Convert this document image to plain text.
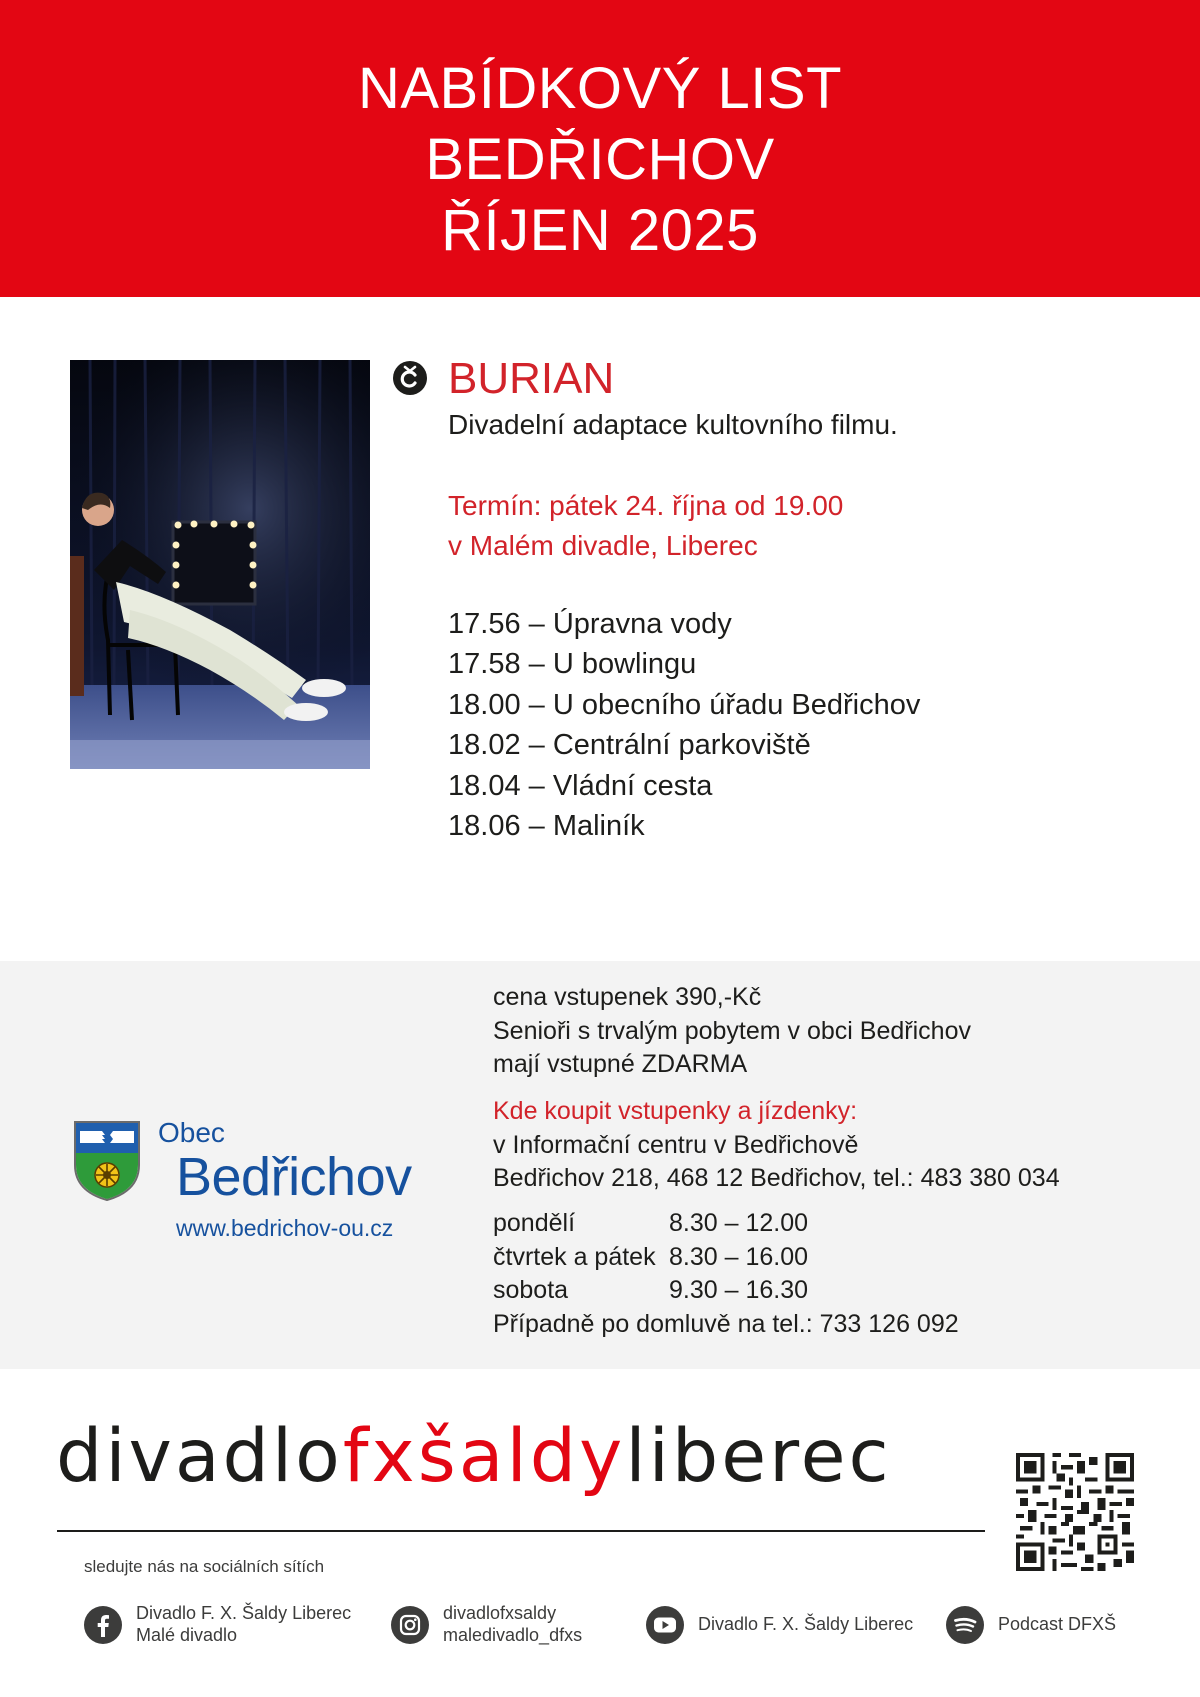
NABÍDKOVÝ LIST
BEDŘICHOV
ŘÍJEN 2025
BURIAN
Divadelní adaptace kultovního filmu.
Termín: pátek 24. října od 19.00
v Malém divadle, Liberec
17.56 – Úpravna vody
17.58 – U bowlingu
18.00 – U obecního úřadu Bedřichov
18.02 – Centrální parkoviště
18.04 – Vládní cesta
18.06 – Maliník
Obec
Bedřichov
www.bedrichov-ou.cz
cena vstupenek 390,-Kč
Senioři s trvalým pobytem v obci Bedřichov
mají vstupné ZDARMA
Kde koupit vstupenky a jízdenky:
v Informační centru v Bedřichově
Bedřichov 218, 468 12 Bedřichov, tel.: 483 380 034
pondělí	8.30 – 12.00
čtvrtek a pátek 8.30 – 16.00
sobota	9.30 – 16.30
Případně po domluvě na tel.: 733 126 092
divadlofxšaldyliberec
sledujte nás na sociálních sítích
Divadlo F. X. Šaldy Liberec
Malé divadlo
divadlofxsaldy
maledivadlo_dfxs
Divadlo F. X. Šaldy Liberec	Podcast DFXŠ
